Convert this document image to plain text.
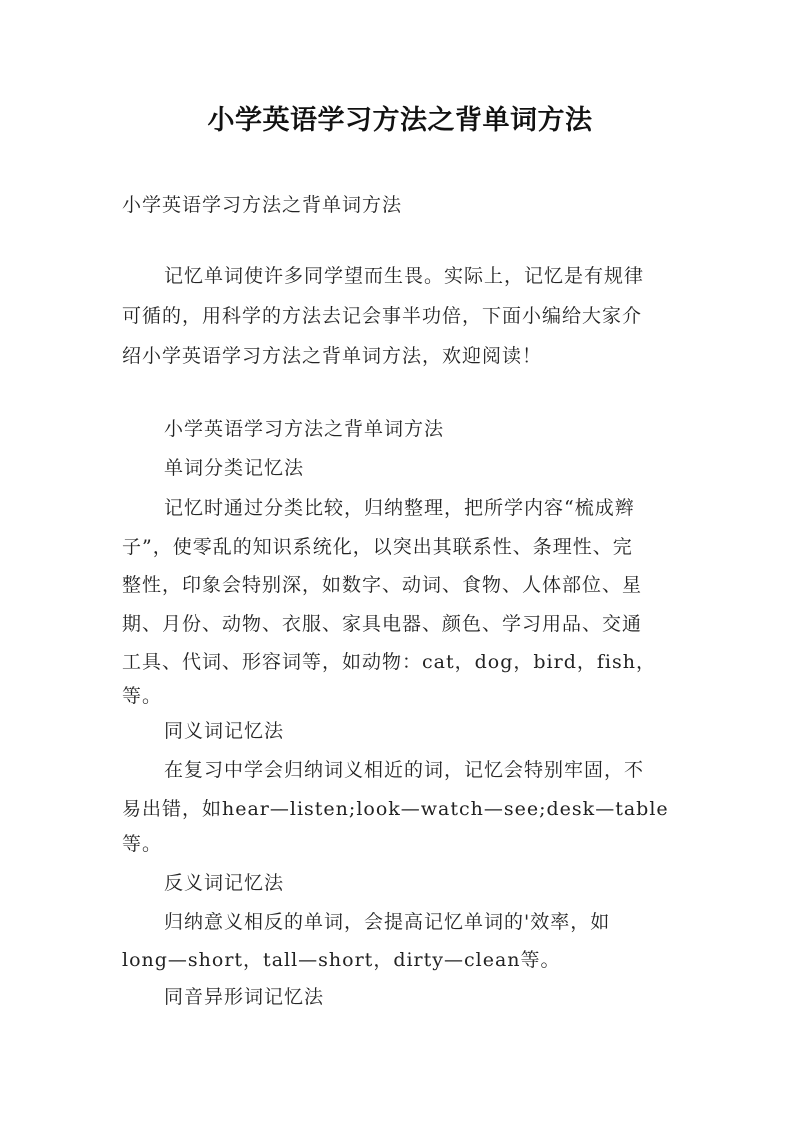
小学英语学习方法之背单词方法
小学英语学习方法之背单词方法
记忆单词使许多同学望而生畏。实际上，记忆是有规律
可循的，用科学的方法去记会事半功倍，下面小编给大家介
绍小学英语学习方法之背单词方法，欢迎阅读！
小学英语学习方法之背单词方法
单词分类记忆法
记忆时通过分类比较，归纳整理，把所学内容“梳成辫
子”，使零乱的知识系统化，以突出其联系性、条理性、完
整性，印象会特别深，如数字、动词、食物、人体部位、星
期、月份、动物、衣服、家具电器、颜色、学习用品、交通
工具、代词、形容词等，如动物：cat，dog，bird，fish，
等。
同义词记忆法
在复习中学会归纳词义相近的词，记忆会特别牢固，不
易出错，如hear—listen;look—watch—see;desk—table
等。
反义词记忆法
归纳意义相反的单词，会提高记忆单词的'效率，如
long—short，tall—short，dirty—clean等。
同音异形词记忆法
